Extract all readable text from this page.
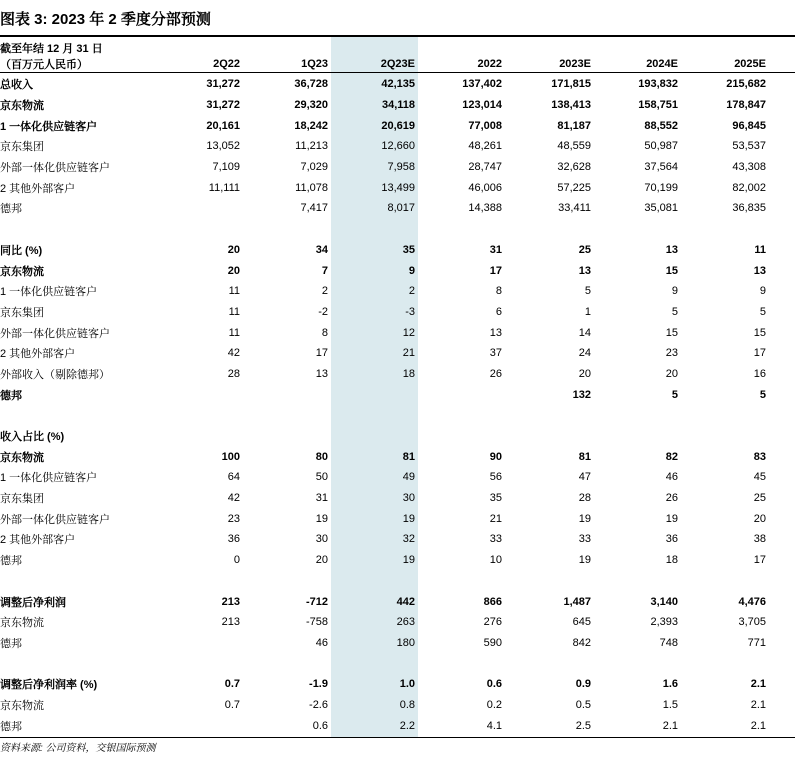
图表 3: 2023 年 2 季度分部预测
截至年结 12 月 31 日
（百万元人民币）	2Q22	1Q23	2Q23E	2022	2023E	2024E	2025E
总收入	31,272	36,728	42,135	137,402	171,815	193,832	215,682
京东物流	31,272	29,320	34,118	123,014	138,413	158,751	178,847
1 一体化供应链客户	20,161	18,242	20,619	77,008	81,187	88,552	96,845
京东集团	13,052	11,213	12,660	48,261	48,559	50,987	53,537
外部一体化供应链客户	7,109	7,029	7,958	28,747	32,628	37,564	43,308
2 其他外部客户	11,111	11,078	13,499	46,006	57,225	70,199	82,002
德邦		7,417	8,017	14,388	33,411	35,081	36,835

同比 (%)	20	34	35	31	25	13	11
京东物流	20	7	9	17	13	15	13
1 一体化供应链客户	11	2	2	8	5	9	9
京东集团	11	-2	-3	6	1	5	5
外部一体化供应链客户	11	8	12	13	14	15	15
2 其他外部客户	42	17	21	37	24	23	17
外部收入（剔除德邦）	28	13	18	26	20	20	16
德邦					132	5	5

收入占比 (%)							
京东物流	100	80	81	90	81	82	83
1 一体化供应链客户	64	50	49	56	47	46	45
京东集团	42	31	30	35	28	26	25
外部一体化供应链客户	23	19	19	21	19	19	20
2 其他外部客户	36	30	32	33	33	36	38
德邦	0	20	19	10	19	18	17

调整后净利润	213	-712	442	866	1,487	3,140	4,476
京东物流	213	-758	263	276	645	2,393	3,705
德邦		46	180	590	842	748	771

调整后净利润率 (%)	0.7	-1.9	1.0	0.6	0.9	1.6	2.1
京东物流	0.7	-2.6	0.8	0.2	0.5	1.5	2.1
德邦		0.6	2.2	4.1	2.5	2.1	2.1
资料来源: 公司资料，交银国际预测
